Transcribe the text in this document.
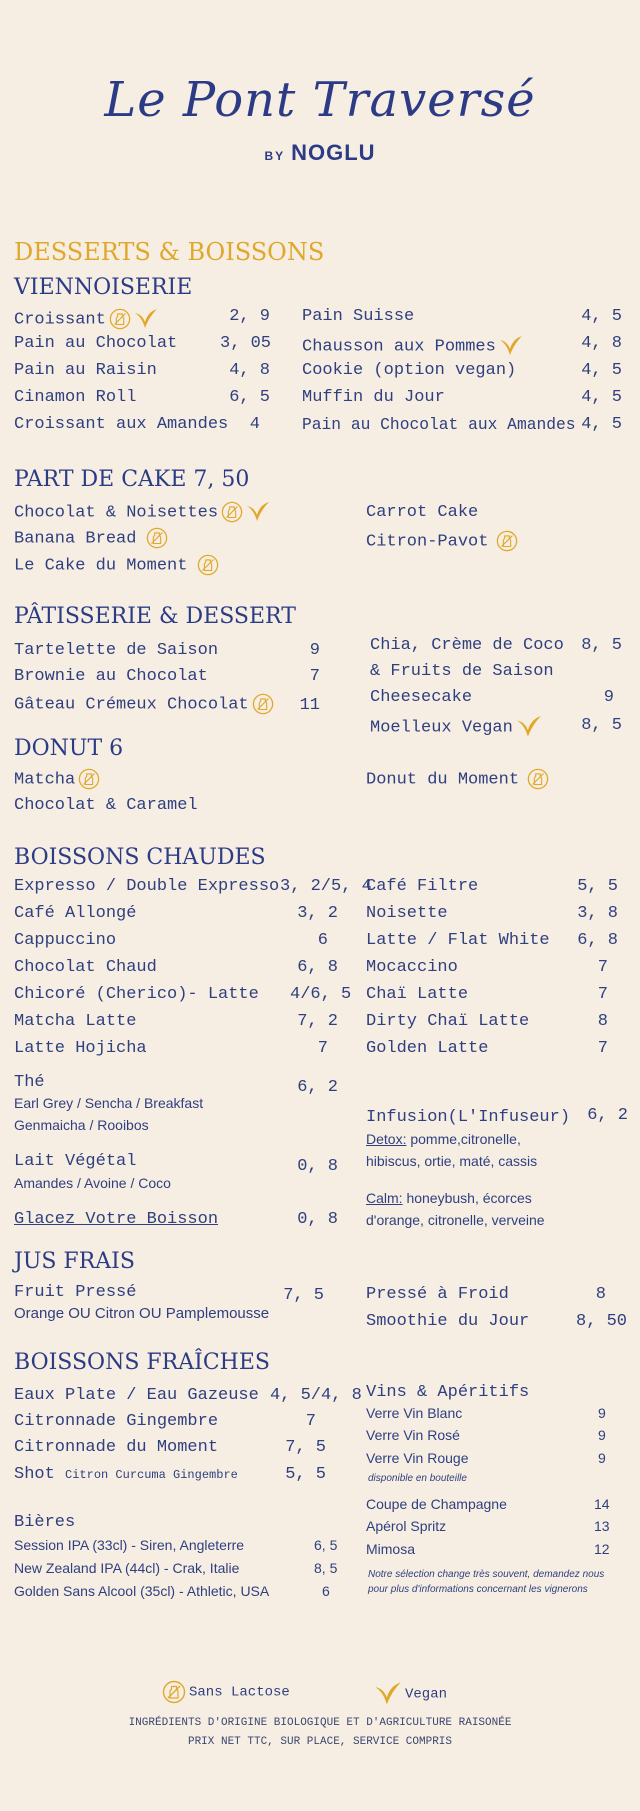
Le Pont Traversé
BY NOGLU
DESSERTS & BOISSONS
VIENNOISERIE
Croissant	2, 9
Pain au Chocolat	3, 05
Pain au Raisin	4, 8
Cinamon Roll	6, 5
Croissant aux Amandes	4
Pain Suisse	4, 5
Chausson aux Pommes	4, 8
Cookie (option vegan)	4, 5
Muffin du Jour	4, 5
Pain au Chocolat aux Amandes 4, 5
PART DE CAKE 7, 50
Chocolat & Noisettes
Banana Bread
Le Cake du Moment
Carrot Cake
Citron-Pavot
PÂTISSERIE & DESSERT
Tartelette de Saison	9
Brownie au Chocolat	7
Gâteau Crémeux Chocolat	11
Chia, Crème de Coco 8, 5
& Fruits de Saison
Cheesecake	9
Moelleux Vegan	8, 5
DONUT 6
Matcha
Chocolat & Caramel
Donut du Moment
BOISSONS CHAUDES
Expresso / Double Expresso 3, 2/5, 4
Café Allongé	3, 2
Cappuccino	6
Chocolat Chaud	6, 8
Chicoré (Cherico)- Latte 4/6, 5
Matcha Latte	7, 2
Latte Hojicha	7
Café Filtre	5, 5
Noisette	3, 8
Latte / Flat White	6, 8
Mocaccino	7
Chaï Latte	7
Dirty Chaï Latte	8
Golden Latte	7
Thé	6, 2
Earl Grey / Sencha / Breakfast
Genmaicha / Rooibos
Lait Végétal	0, 8
Amandes / Avoine / Coco
Glacez Votre Boisson	0, 8
Infusion(L'Infuseur)	6, 2
Detox: pomme,citronelle,
hibiscus, ortie, maté, cassis
Calm: honeybush, écorces
d'orange, citronelle, verveine
JUS FRAIS
Fruit Pressé	7, 5
Orange OU Citron OU Pamplemousse
Pressé à Froid	8
Smoothie du Jour	8, 50
BOISSONS FRAÎCHES
Eaux Plate / Eau Gazeuse 4, 5/4, 8
Citronnade Gingembre	7
Citronnade du Moment	7, 5
Shot Citron Curcuma Gingembre	5, 5
Bières
Session IPA (33cl) - Siren, Angleterre	6, 5
New Zealand IPA (44cl) - Crak, Italie	8, 5
Golden Sans Alcool (35cl) - Athletic, USA	6
Vins & Apéritifs
Verre Vin Blanc	9
Verre Vin Rosé	9
Verre Vin Rouge	9
disponible en bouteille
Coupe de Champagne	14
Apérol Spritz	13
Mimosa	12
Notre sélection change très souvent, demandez nous
pour plus d'informations concernant les vignerons
Sans Lactose	Vegan
INGRÉDIENTS D'ORIGINE BIOLOGIQUE ET D'AGRICULTURE RAISONÉE
PRIX NET TTC, SUR PLACE, SERVICE COMPRIS
